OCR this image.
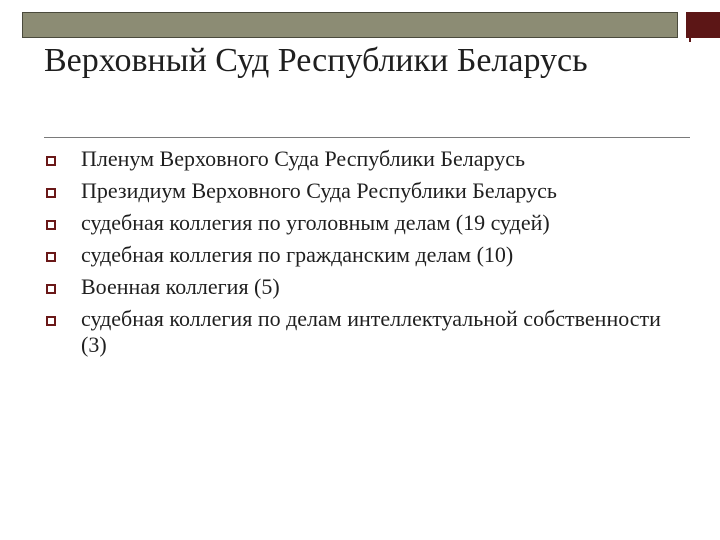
Верховный Суд Республики Беларусь
Пленум Верховного Суда Республики Беларусь
Президиум Верховного Суда Республики Беларусь
судебная коллегия по уголовным делам (19 судей)
судебная коллегия по гражданским делам (10)
Военная коллегия (5)
судебная коллегия по делам интеллектуальной собственности (3)
